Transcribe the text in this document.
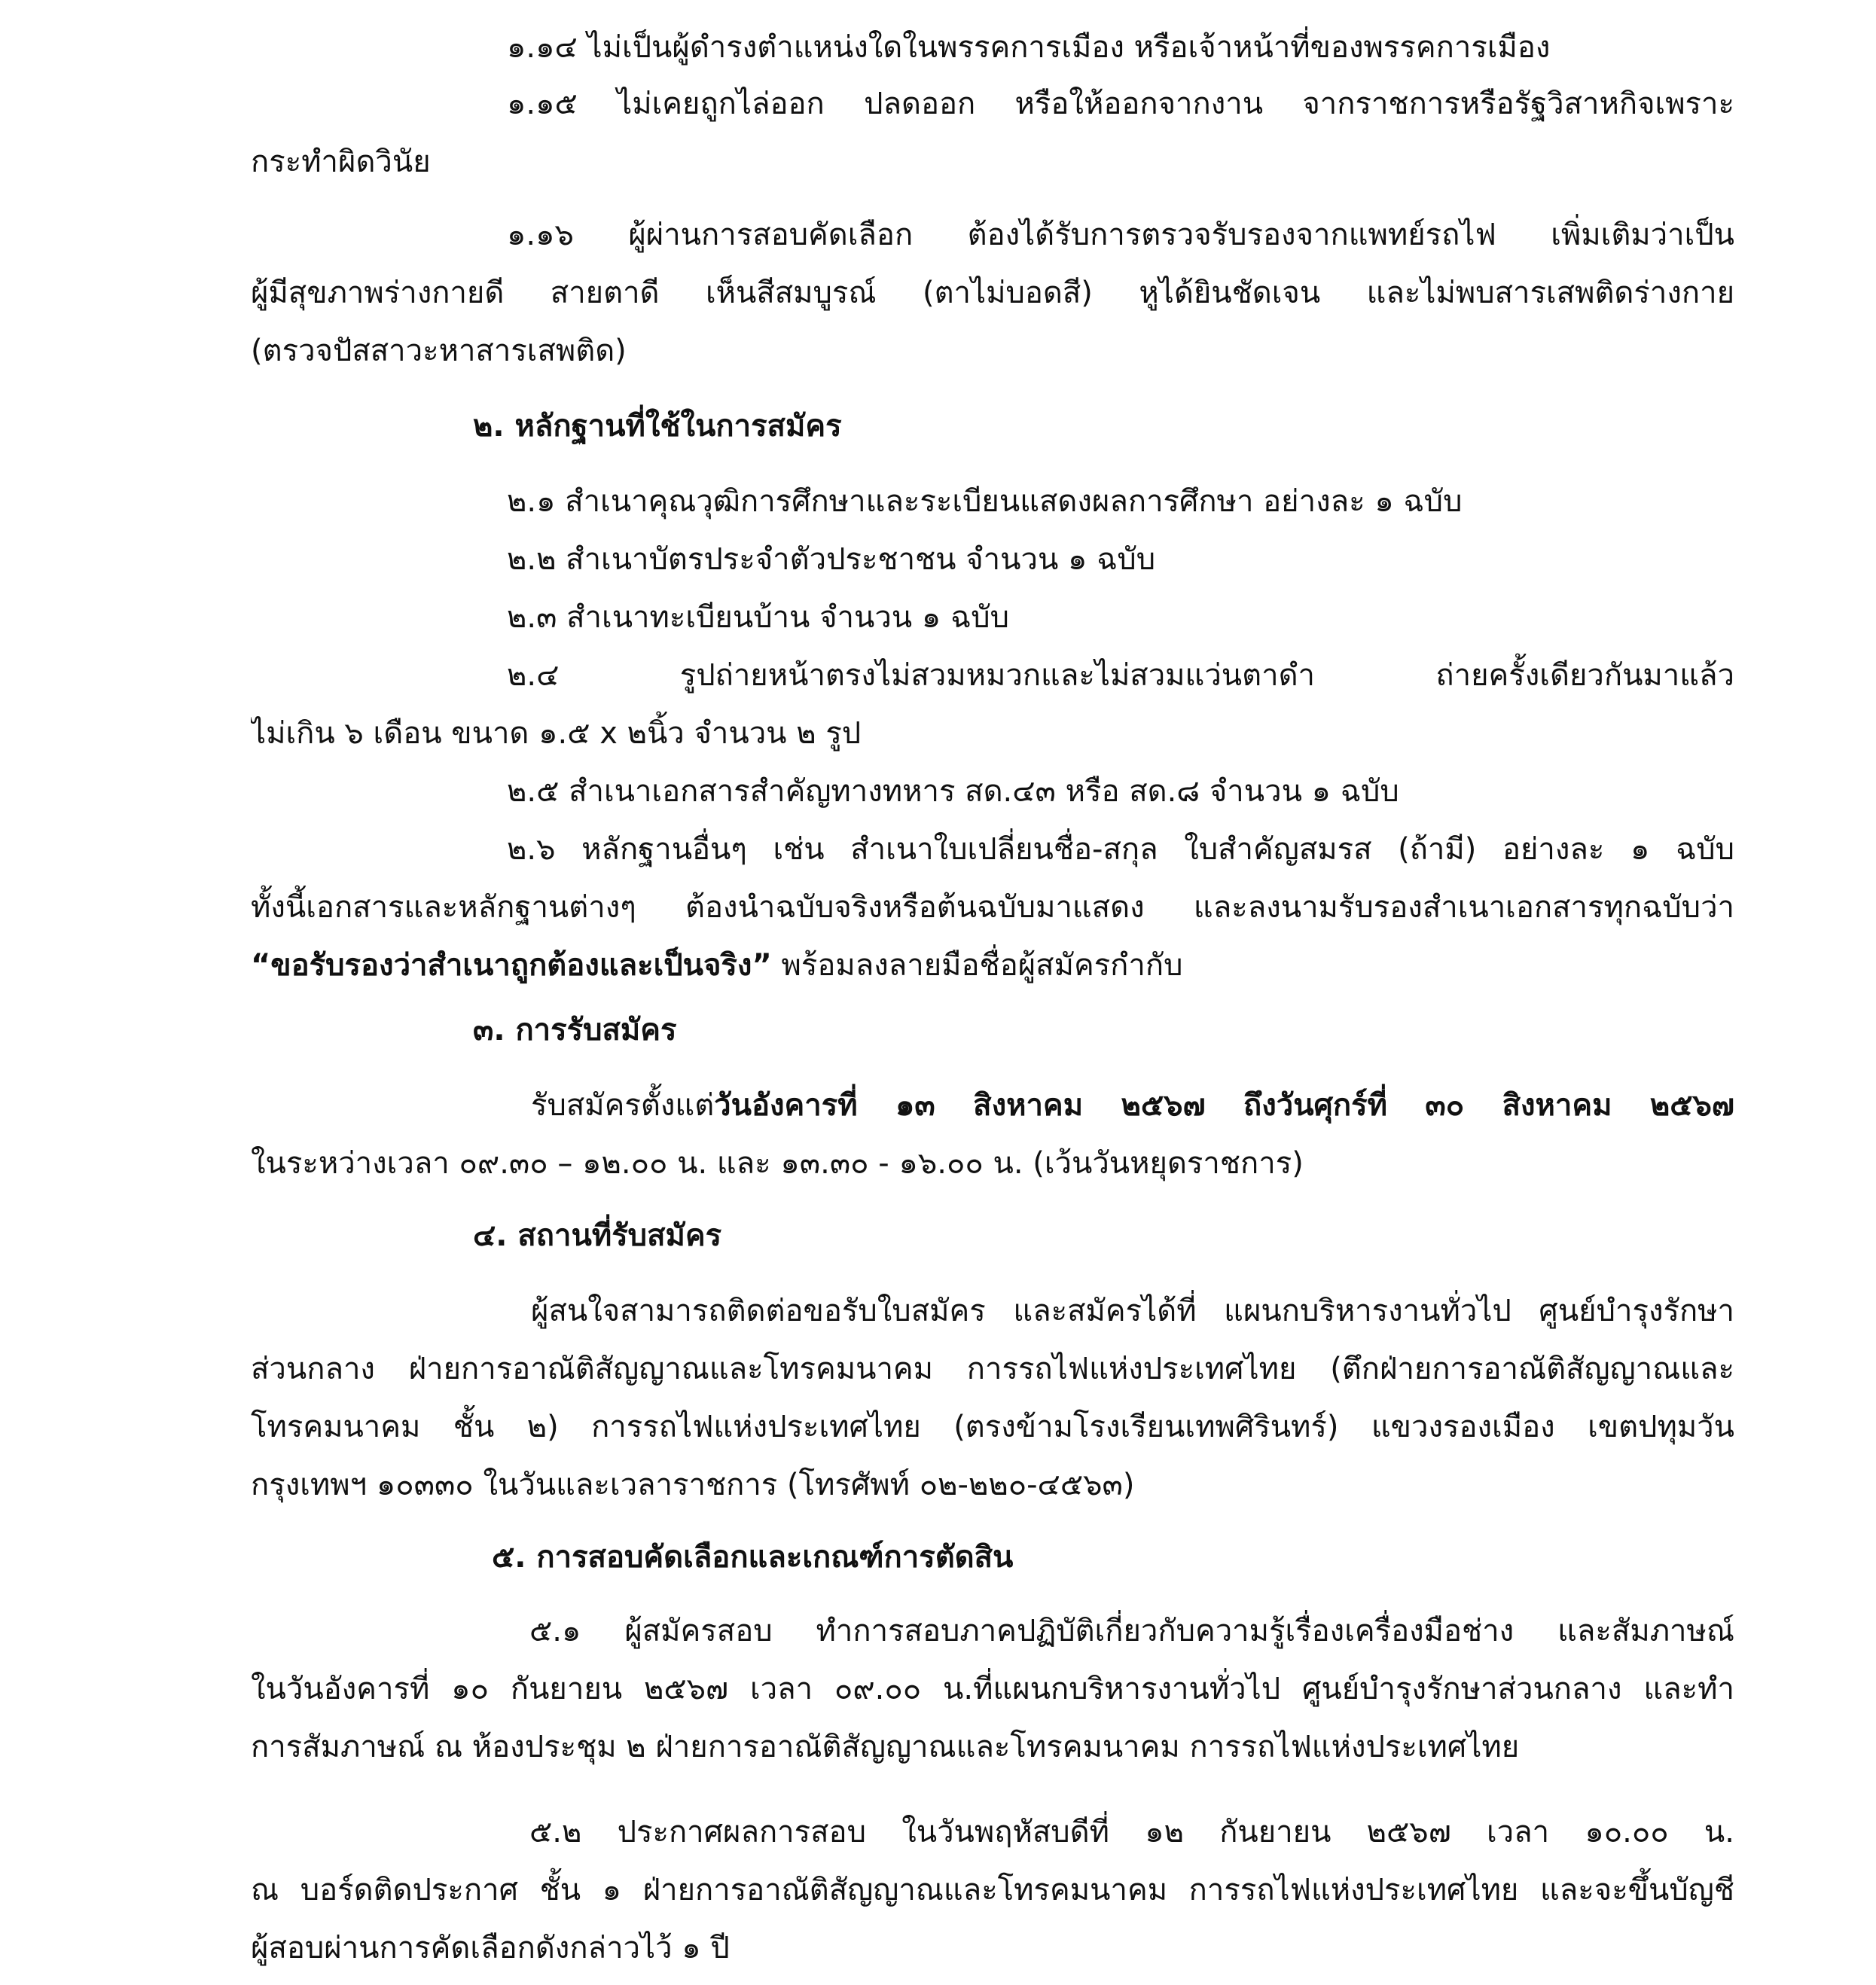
๑.๑๔ ไม่เป็นผู้ดำรงตำแหน่งใดในพรรคการเมือง หรือเจ้าหน้าที่ของพรรคการเมือง
๑.๑๕ ไม่เคยถูกไล่ออก ปลดออก หรือให้ออกจากงาน จากราชการหรือรัฐวิสาหกิจเพราะ
กระทำผิดวินัย
๑.๑๖ ผู้ผ่านการสอบคัดเลือก ต้องได้รับการตรวจรับรองจากแพทย์รถไฟ เพิ่มเติมว่าเป็น
ผู้มีสุขภาพร่างกายดี สายตาดี เห็นสีสมบูรณ์ (ตาไม่บอดสี) หูได้ยินชัดเจน และไม่พบสารเสพติดร่างกาย
(ตรวจปัสสาวะหาสารเสพติด)
๒. หลักฐานที่ใช้ในการสมัคร
๒.๑ สำเนาคุณวุฒิการศึกษาและระเบียนแสดงผลการศึกษา อย่างละ ๑ ฉบับ
๒.๒ สำเนาบัตรประจำตัวประชาชน จำนวน ๑ ฉบับ
๒.๓ สำเนาทะเบียนบ้าน จำนวน ๑ ฉบับ
๒.๔ รูปถ่ายหน้าตรงไม่สวมหมวกและไม่สวมแว่นตาดำ ถ่ายครั้งเดียวกันมาแล้ว
ไม่เกิน ๖ เดือน ขนาด ๑.๕ x ๒นิ้ว จำนวน ๒ รูป
๒.๕ สำเนาเอกสารสำคัญทางทหาร สด.๔๓ หรือ สด.๘ จำนวน ๑ ฉบับ
๒.๖ หลักฐานอื่นๆ เช่น สำเนาใบเปลี่ยนชื่อ-สกุล ใบสำคัญสมรส (ถ้ามี) อย่างละ ๑ ฉบับ
ทั้งนี้เอกสารและหลักฐานต่างๆ ต้องนำฉบับจริงหรือต้นฉบับมาแสดง และลงนามรับรองสำเนาเอกสารทุกฉบับว่า
“ขอรับรองว่าสำเนาถูกต้องและเป็นจริง” พร้อมลงลายมือชื่อผู้สมัครกำกับ
๓. การรับสมัคร
รับสมัครตั้งแต่วันอังคารที่ ๑๓ สิงหาคม ๒๕๖๗ ถึงวันศุกร์ที่ ๓๐ สิงหาคม ๒๕๖๗
ในระหว่างเวลา ๐๙.๓๐ – ๑๒.๐๐ น. และ ๑๓.๓๐ - ๑๖.๐๐ น. (เว้นวันหยุดราชการ)
๔. สถานที่รับสมัคร
ผู้สนใจสามารถติดต่อขอรับใบสมัคร และสมัครได้ที่ แผนกบริหารงานทั่วไป ศูนย์บำรุงรักษา
ส่วนกลาง ฝ่ายการอาณัติสัญญาณและโทรคมนาคม การรถไฟแห่งประเทศไทย (ตึกฝ่ายการอาณัติสัญญาณและ
โทรคมนาคม ชั้น ๒) การรถไฟแห่งประเทศไทย (ตรงข้ามโรงเรียนเทพศิรินทร์) แขวงรองเมือง เขตปทุมวัน
กรุงเทพฯ ๑๐๓๓๐ ในวันและเวลาราชการ (โทรศัพท์ ๐๒-๒๒๐-๔๕๖๓)
๕. การสอบคัดเลือกและเกณฑ์การตัดสิน
๕.๑ ผู้สมัครสอบ ทำการสอบภาคปฏิบัติเกี่ยวกับความรู้เรื่องเครื่องมือช่าง และสัมภาษณ์
ในวันอังคารที่ ๑๐ กันยายน ๒๕๖๗ เวลา ๐๙.๐๐ น.ที่แผนกบริหารงานทั่วไป ศูนย์บำรุงรักษาส่วนกลาง และทำ
การสัมภาษณ์ ณ ห้องประชุม ๒ ฝ่ายการอาณัติสัญญาณและโทรคมนาคม การรถไฟแห่งประเทศไทย
๕.๒ ประกาศผลการสอบ ในวันพฤหัสบดีที่ ๑๒ กันยายน ๒๕๖๗ เวลา ๑๐.๐๐ น.
ณ บอร์ดติดประกาศ ชั้น ๑ ฝ่ายการอาณัติสัญญาณและโทรคมนาคม การรถไฟแห่งประเทศไทย และจะขึ้นบัญชี
ผู้สอบผ่านการคัดเลือกดังกล่าวไว้ ๑ ปี
